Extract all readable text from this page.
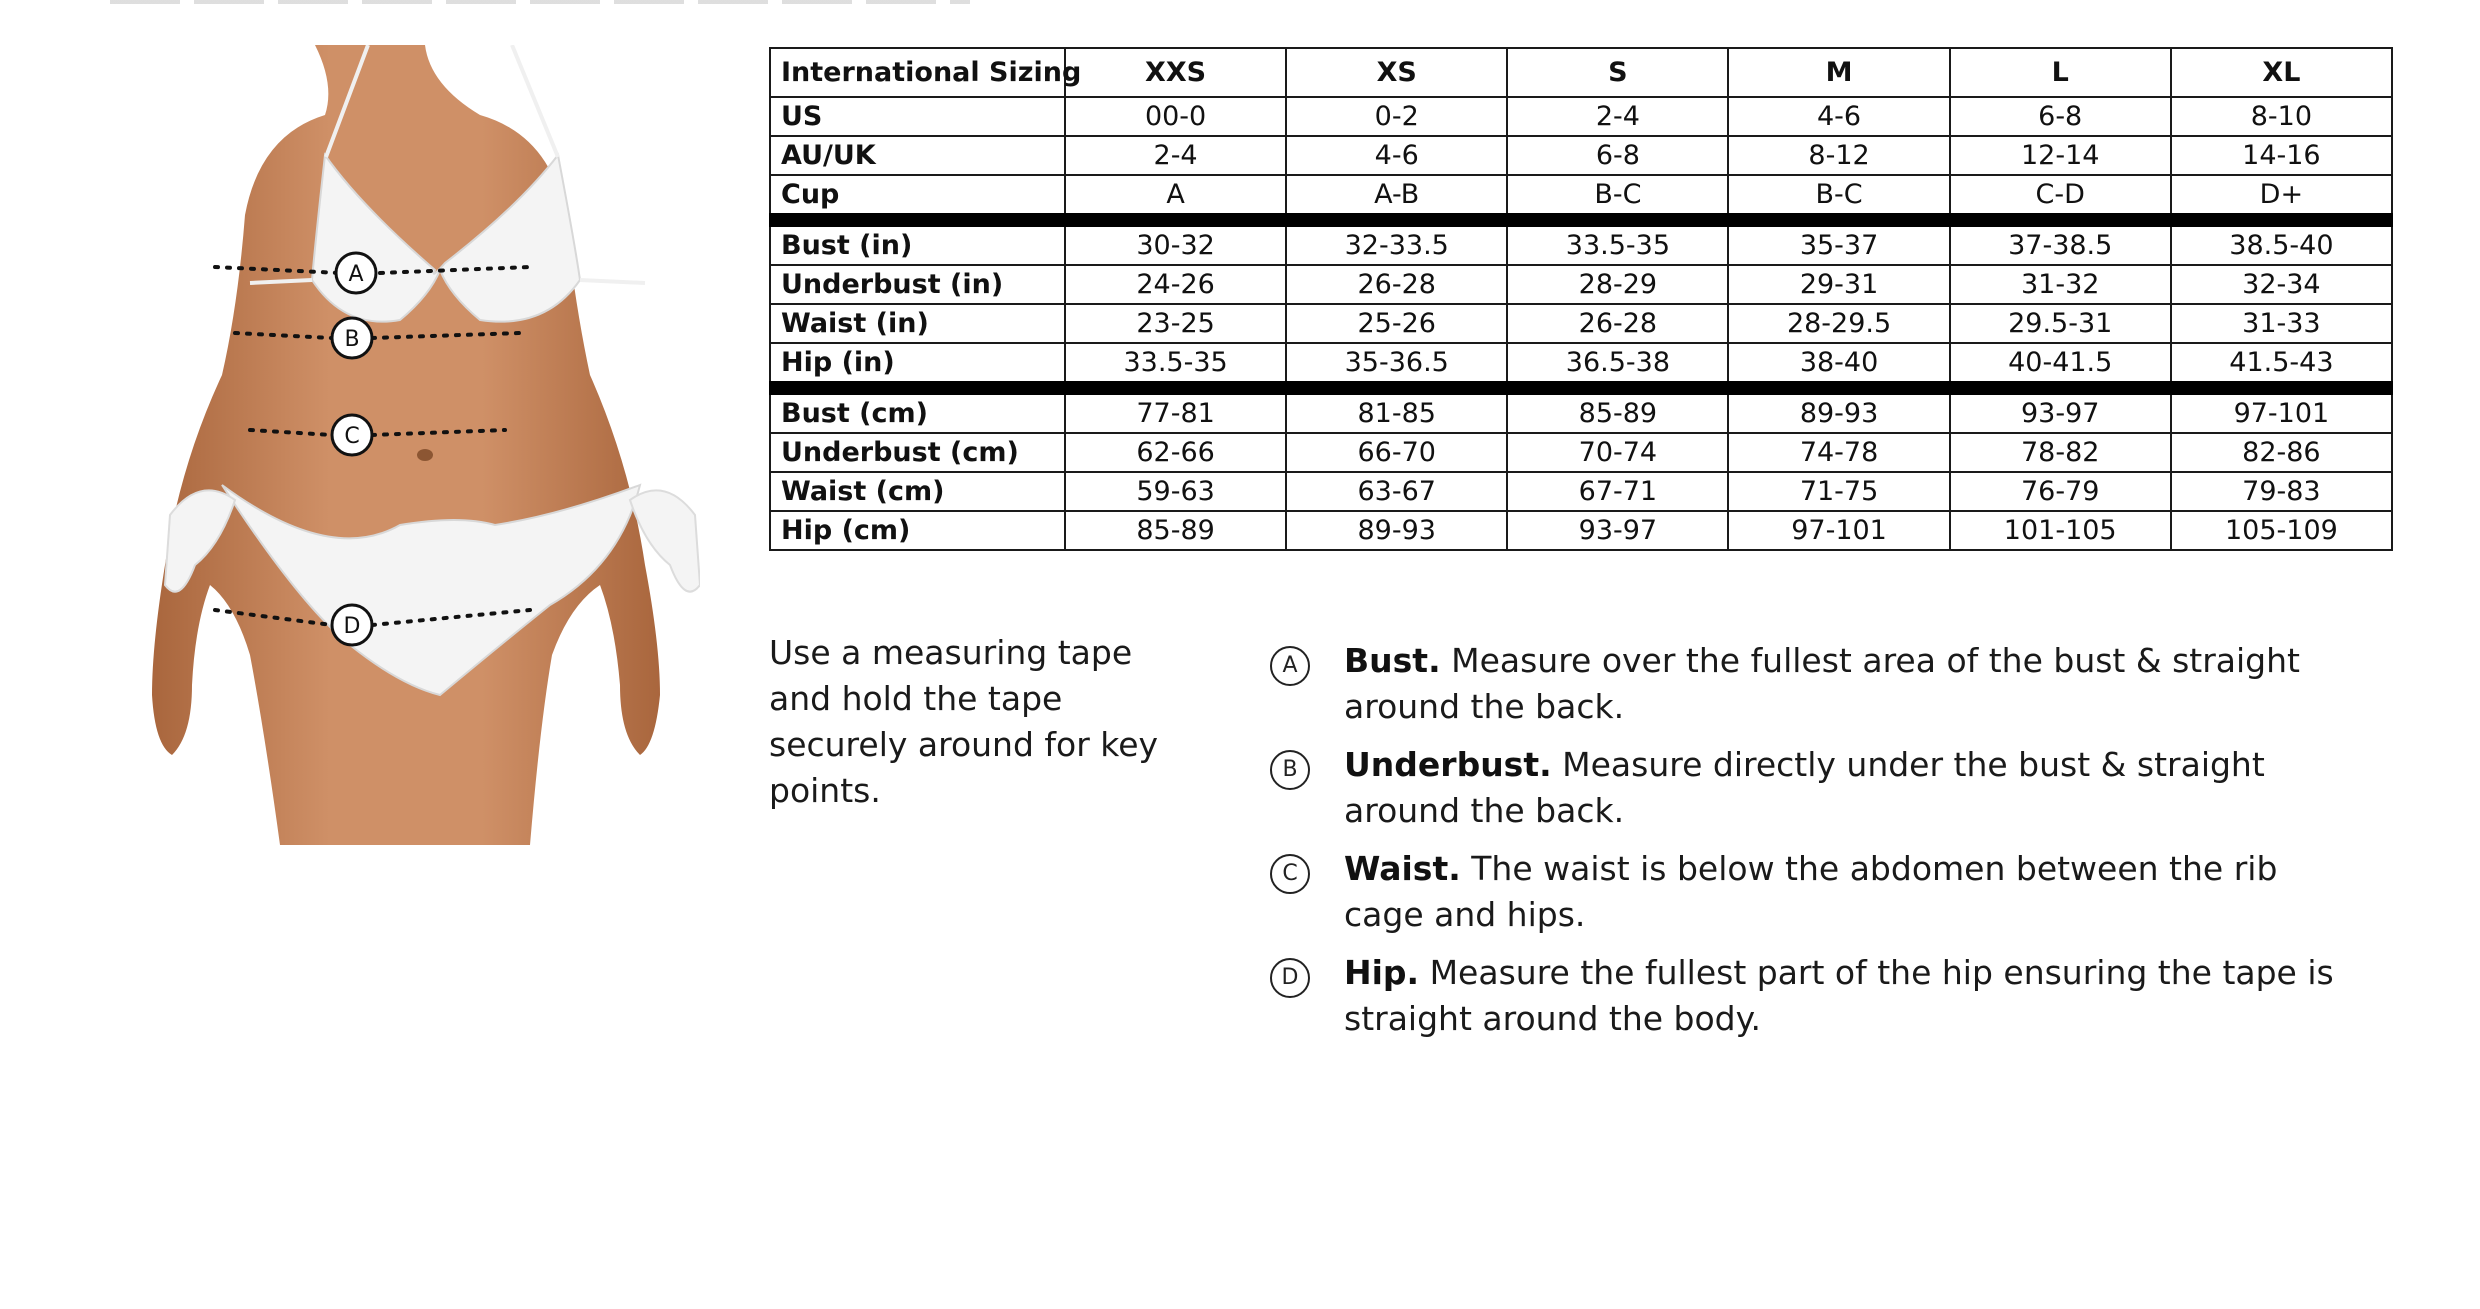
A
B
C
D
International Sizing	XXS	XS	S	M	L	XL
US	00-0	0-2	2-4	4-6	6-8	8-10
AU/UK	2-4	4-6	6-8	8-12	12-14	14-16
Cup	A	A-B	B-C	B-C	C-D	D+
Bust (in)	30-32	32-33.5	33.5-35	35-37	37-38.5	38.5-40
Underbust (in)	24-26	26-28	28-29	29-31	31-32	32-34
Waist (in)	23-25	25-26	26-28	28-29.5	29.5-31	31-33
Hip (in)	33.5-35	35-36.5	36.5-38	38-40	40-41.5	41.5-43
Bust (cm)	77-81	81-85	85-89	89-93	93-97	97-101
Underbust (cm)	62-66	66-70	70-74	74-78	78-82	82-86
Waist (cm)	59-63	63-67	67-71	71-75	76-79	79-83
Hip (cm)	85-89	89-93	93-97	97-101	101-105	105-109
Use a measuring tape and hold the tape securely around for key points.
A	Bust. Measure over the fullest area of the bust & straight around the back.
B	Underbust. Measure directly under the bust & straight around the back.
C	Waist. The waist is below the abdomen between the rib cage and hips.
D	Hip. Measure the fullest part of the hip ensuring the tape is straight around the body.
